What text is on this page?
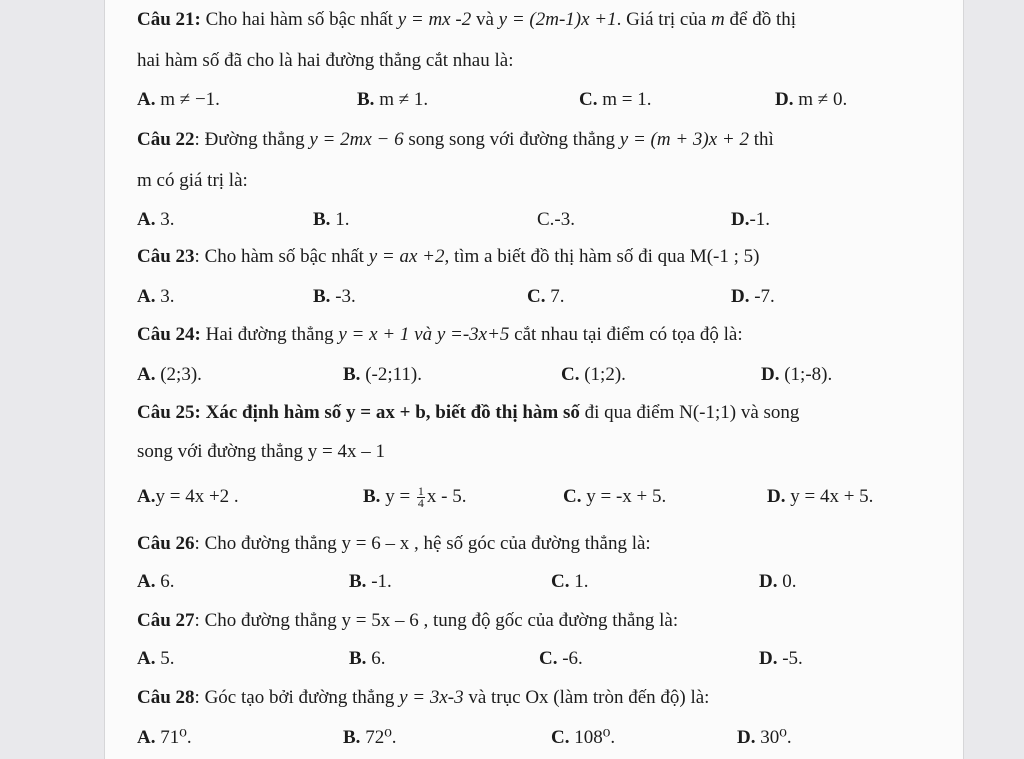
Câu 21: Cho hai hàm số bậc nhất y = mx -2 và y = (2m-1)x +1. Giá trị của m để đồ thị
hai hàm số đã cho là hai đường thẳng cắt nhau là:
A. m ≠ −1.	B. m ≠ 1.	C. m = 1.	D. m ≠ 0.
Câu 22: Đường thẳng y = 2mx − 6 song song với đường thẳng y = (m + 3)x + 2 thì
m có giá trị là:
A. 3.	B. 1.	C.-3.	D.-1.
Câu 23: Cho hàm số bậc nhất y = ax +2, tìm a biết đồ thị hàm số đi qua M(-1 ; 5)
A. 3.	B. -3.	C. 7.	D. -7.
Câu 24: Hai đường thẳng y = x + 1 và y =-3x+5 cắt nhau tại điểm có tọa độ là:
A. (2;3).	B. (-2;11).	C. (1;2).	D. (1;-8).
Câu 25: Xác định hàm số y = ax + b, biết đồ thị hàm số đi qua điểm N(-1;1) và song
song với đường thẳng y = 4x – 1
A.y = 4x +2 .	B. $y = \frac{1}{4}$ x - 5.	C. y = -x + 5.	D. y = 4x + 5.
Câu 26: Cho đường thẳng y = 6 – x , hệ số góc của đường thẳng là:
A. 6.	B. -1.	C. 1.	D. 0.
Câu 27: Cho đường thẳng y = 5x – 6 , tung độ gốc của đường thẳng là:
A. 5.	B. 6.	C. -6.	D. -5.
Câu 28: Góc tạo bởi đường thẳng y = 3x-3 và trục Ox (làm tròn đến độ) là:
A. 71⁰.	B. 72⁰.	C. 108⁰.	D. 30⁰.
